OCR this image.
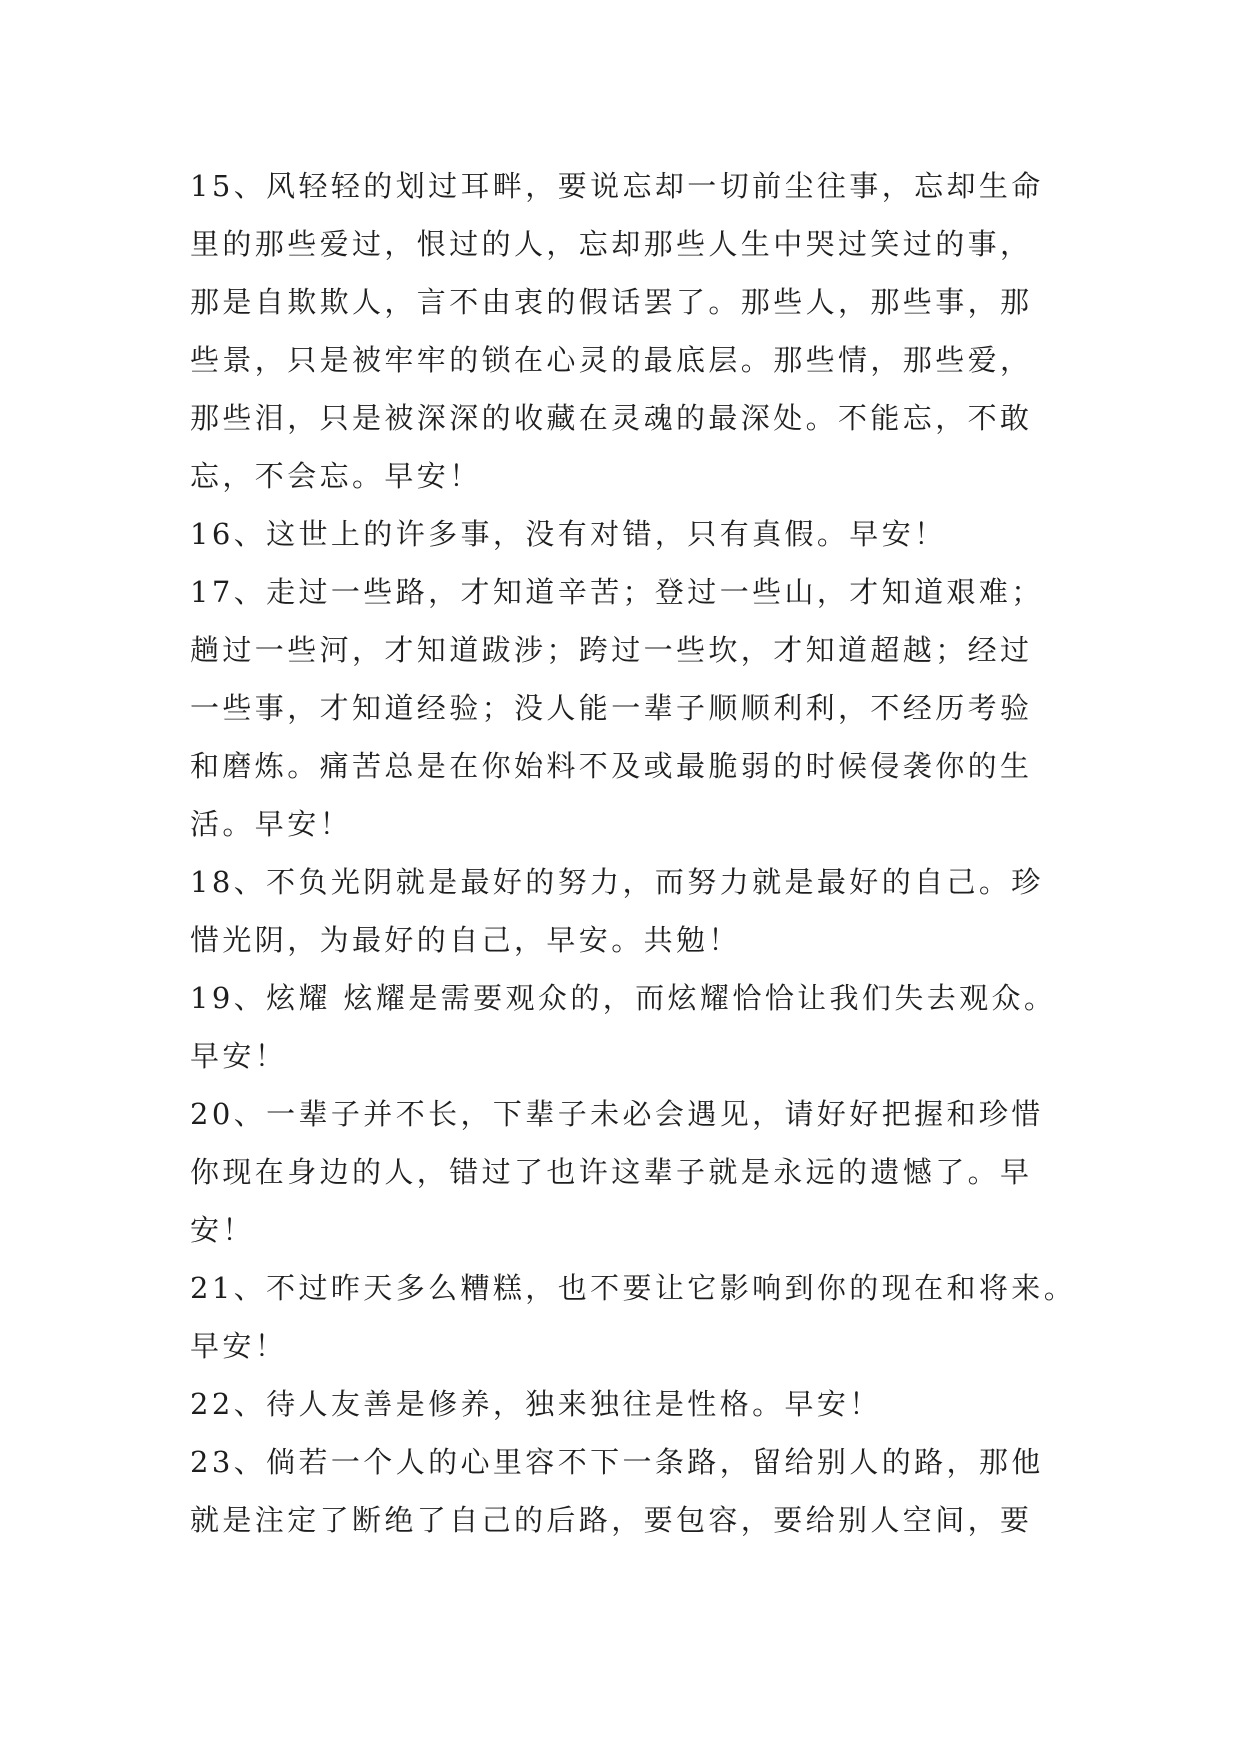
15、风轻轻的划过耳畔，要说忘却一切前尘往事，忘却生命
里的那些爱过，恨过的人，忘却那些人生中哭过笑过的事，
那是自欺欺人，言不由衷的假话罢了。那些人，那些事，那
些景，只是被牢牢的锁在心灵的最底层。那些情，那些爱，
那些泪，只是被深深的收藏在灵魂的最深处。不能忘，不敢
忘，不会忘。早安！
16、这世上的许多事，没有对错，只有真假。早安！
17、走过一些路，才知道辛苦；登过一些山，才知道艰难；
趟过一些河，才知道跋涉；跨过一些坎，才知道超越；经过
一些事，才知道经验；没人能一辈子顺顺利利，不经历考验
和磨炼。痛苦总是在你始料不及或最脆弱的时候侵袭你的生
活。早安！
18、不负光阴就是最好的努力，而努力就是最好的自己。珍
惜光阴，为最好的自己，早安。共勉！
19、炫耀 炫耀是需要观众的，而炫耀恰恰让我们失去观众。
早安！
20、一辈子并不长，下辈子未必会遇见，请好好把握和珍惜
你现在身边的人，错过了也许这辈子就是永远的遗憾了。早
安！
21、不过昨天多么糟糕，也不要让它影响到你的现在和将来。
早安！
22、待人友善是修养，独来独往是性格。早安！
23、倘若一个人的心里容不下一条路，留给别人的路，那他
就是注定了断绝了自己的后路，要包容，要给别人空间，要
